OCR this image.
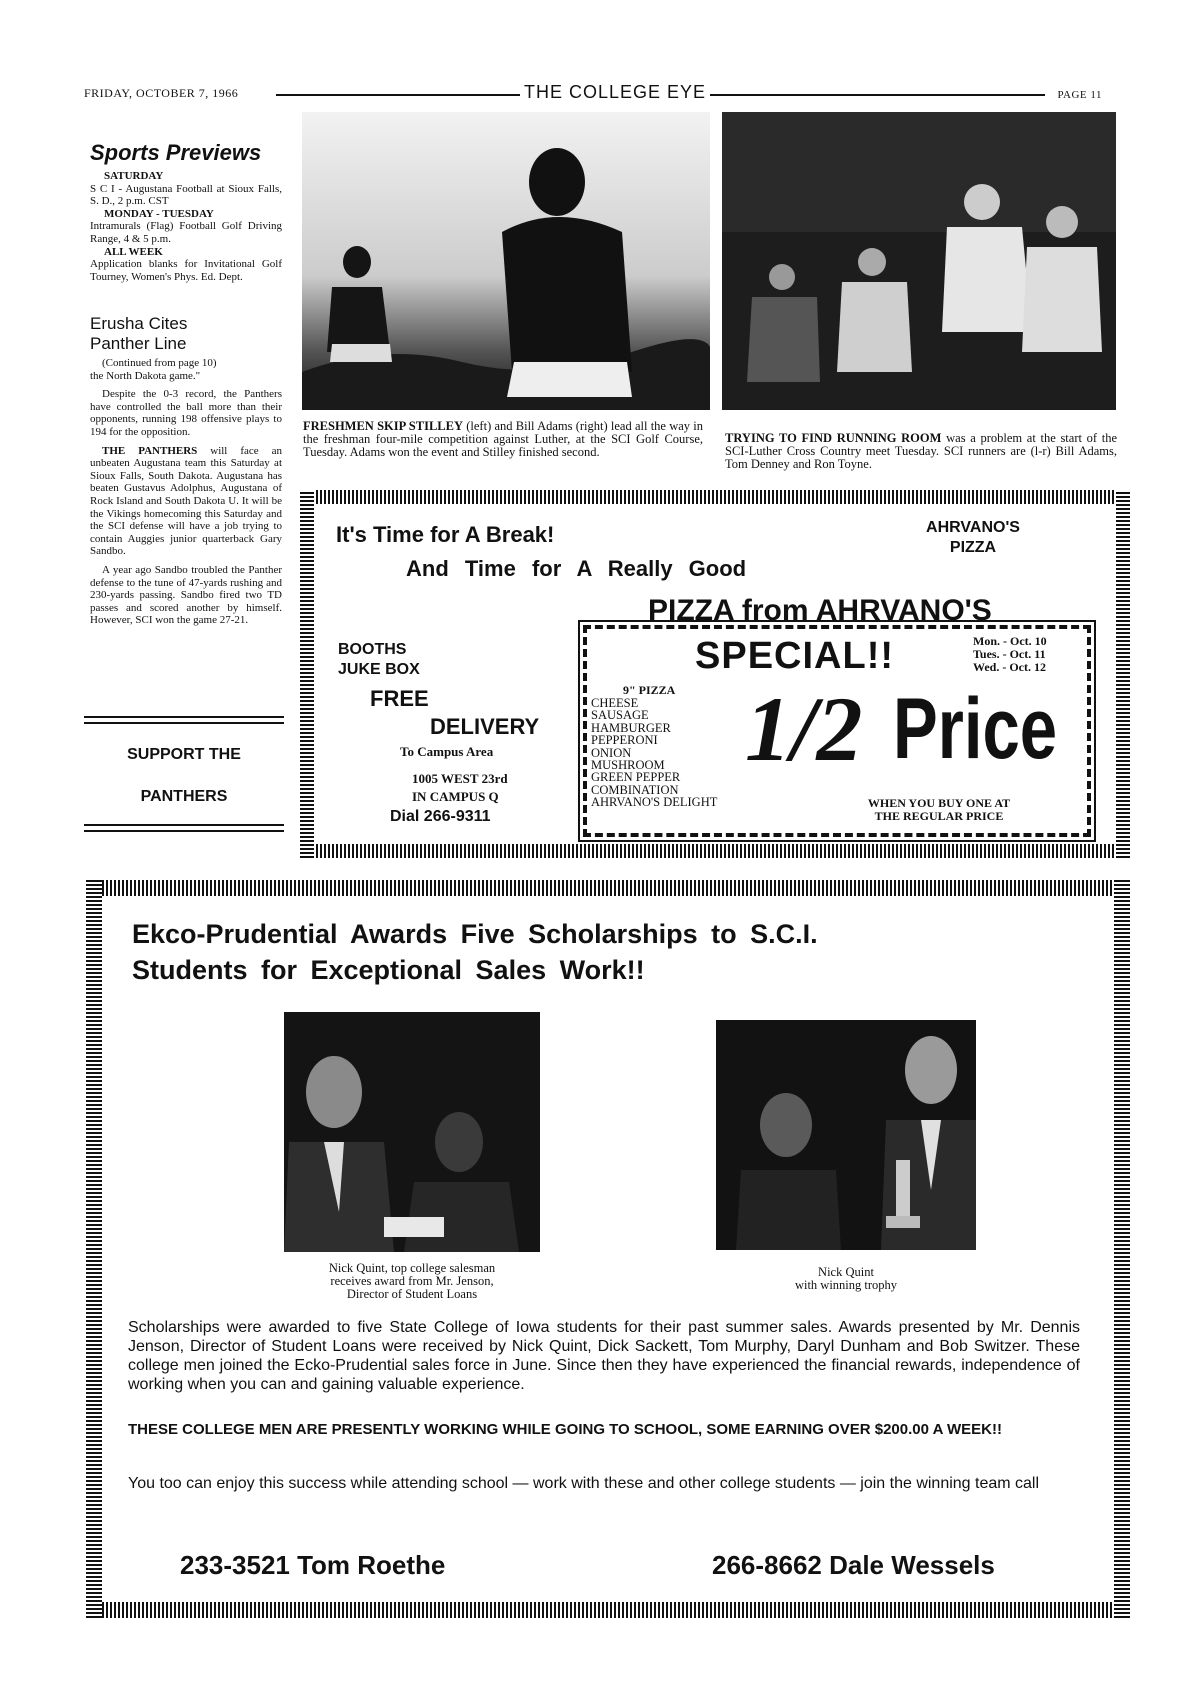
FRIDAY, OCTOBER 7, 1966	THE COLLEGE EYE	PAGE 11
Sports Previews

SATURDAY

S C I - Augustana Football at Sioux Falls, S. D., 2 p.m. CST

MONDAY - TUESDAY

Intramurals (Flag) Football Golf Driving Range, 4 & 5 p.m.

ALL WEEK

Application blanks for Invitational Golf Tourney, Women's Phys. Ed. Dept.

Erusha Cites
Panther Line

(Continued from page 10)

the North Dakota game."

Despite the 0-3 record, the Panthers have controlled the ball more than their opponents, running 198 offensive plays to 194 for the opposition.

THE PANTHERS will face an unbeaten Augustana team this Saturday at Sioux Falls, South Dakota. Augustana has beaten Gustavus Adolphus, Augustana of Rock Island and South Dakota U. It will be the Vikings homecoming this Saturday and the SCI defense will have a job trying to contain Auggies junior quarterback Gary Sandbo.

A year ago Sandbo troubled the Panther defense to the tune of 47-yards rushing and 230-yards passing. Sandbo fired two TD passes and scored another by himself. However, SCI won the game 27-21.

SUPPORT THE
PANTHERS
FRESHMEN SKIP STILLEY (left) and Bill Adams (right) lead all the way in the freshman four-mile competition against Luther, at the SCI Golf Course, Tuesday. Adams won the event and Stilley finished second.
TRYING TO FIND RUNNING ROOM was a problem at the start of the SCI-Luther Cross Country meet Tuesday. SCI runners are (l-r) Bill Adams, Tom Denney and Ron Toyne.
It's Time for A Break!
And Time for A Really Good
AHRVANO'S
PIZZA
PIZZA from AHRVANO'S
BOOTHS
JUKE BOX
FREE
DELIVERY
To Campus Area
1005 WEST 23rd
IN CAMPUS Q
Dial 266-9311
SPECIAL!!	Mon. - Oct. 10
Tues. - Oct. 11
Wed. - Oct. 12
9" PIZZA
CHEESE
SAUSAGE
HAMBURGER
PEPPERONI
ONION
MUSHROOM
GREEN PEPPER
COMBINATION
AHRVANO'S DELIGHT
1/2 Price
WHEN YOU BUY ONE AT
THE REGULAR PRICE
Ekco-Prudential Awards Five Scholarships to S.C.I.
Students for Exceptional Sales Work!!
Nick Quint, top college salesman
receives award from Mr. Jenson,
Director of Student Loans
Nick Quint
with winning trophy
Scholarships were awarded to five State College of Iowa students for their past summer sales. Awards presented by Mr. Dennis Jenson, Director of Student Loans were received by Nick Quint, Dick Sackett, Tom Murphy, Daryl Dunham and Bob Switzer. These college men joined the Ecko-Prudential sales force in June. Since then they have experienced the financial rewards, independence of working when you can and gaining valuable experience.
THESE COLLEGE MEN ARE PRESENTLY WORKING WHILE GOING TO SCHOOL, SOME EARNING OVER $200.00 A WEEK!!
You too can enjoy this success while attending school — work with these and other college students — join the winning team call
233-3521 Tom Roethe	266-8662 Dale Wessels
